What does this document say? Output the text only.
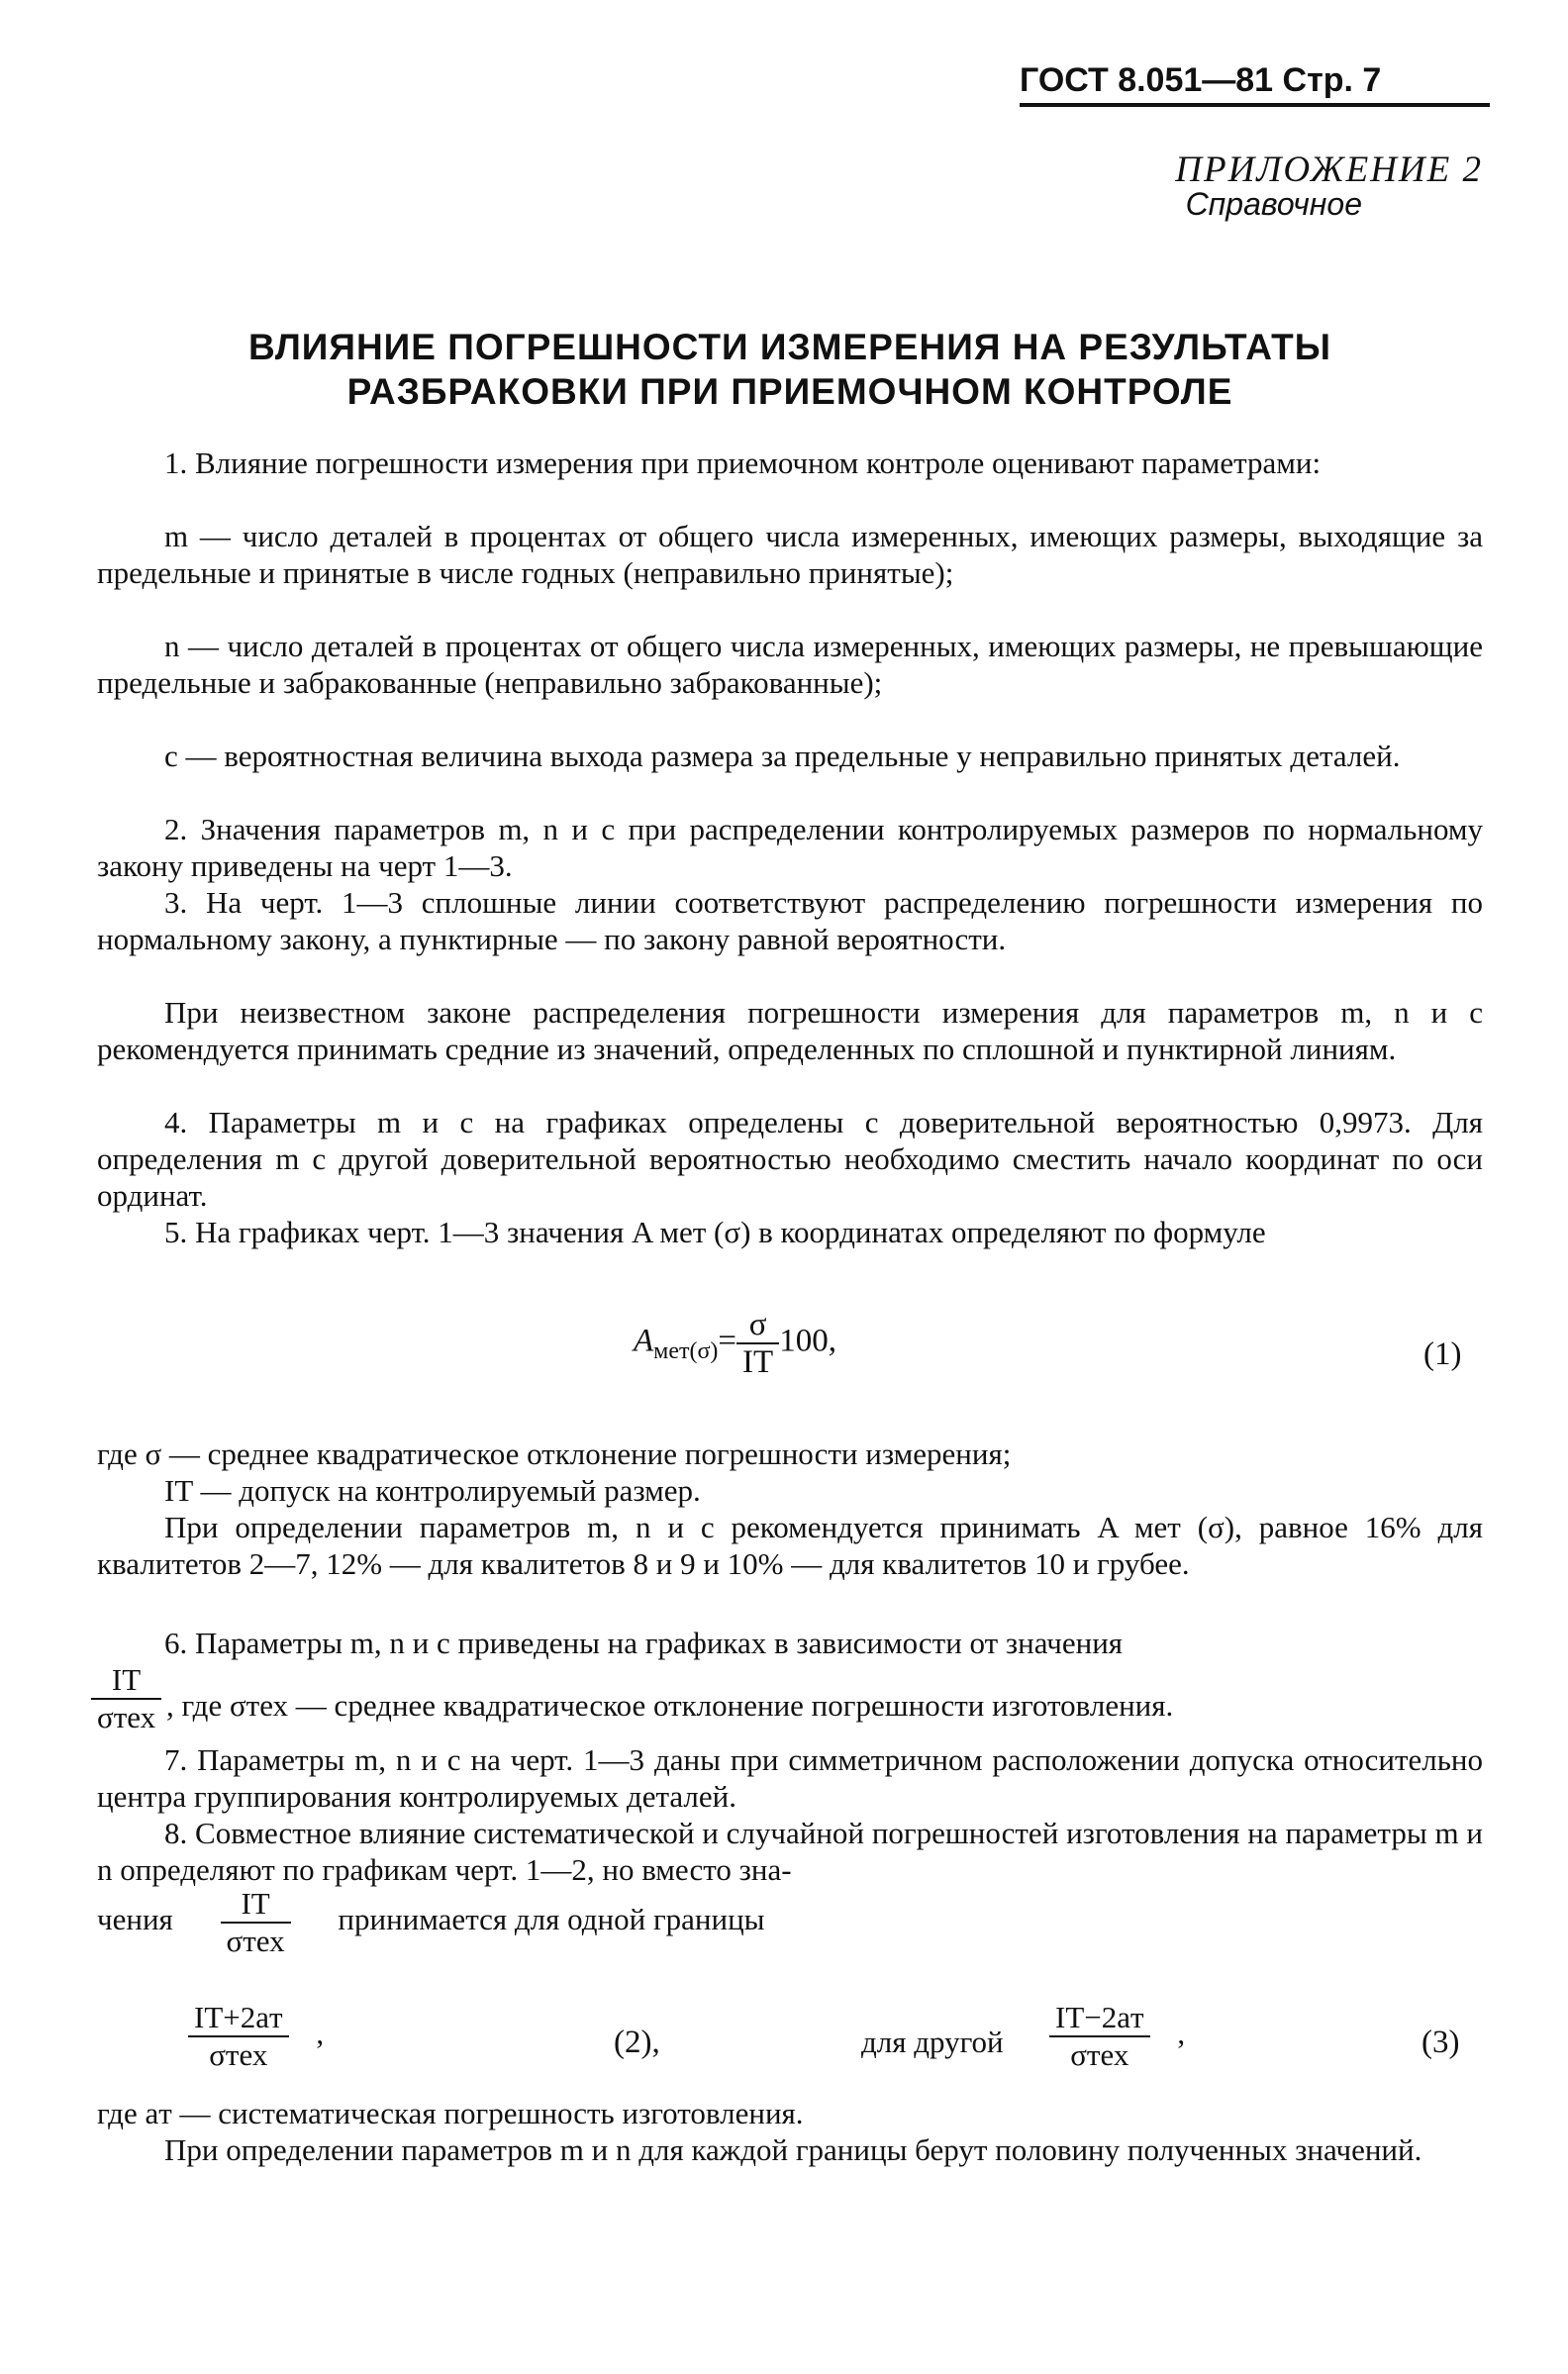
ГОСТ 8.051—81 Стр. 7
ПРИЛОЖЕНИЕ 2
Справочное
ВЛИЯНИЕ ПОГРЕШНОСТИ ИЗМЕРЕНИЯ НА РЕЗУЛЬТАТЫ
РАЗБРАКОВКИ ПРИ ПРИЕМОЧНОМ КОНТРОЛЕ
1. Влияние погрешности измерения при приемочном контроле оценивают параметрами:
m — число деталей в процентах от общего числа измеренных, имеющих размеры, выходящие за предельные и принятые в числе годных (неправильно принятые);
n — число деталей в процентах от общего числа измеренных, имеющих размеры, не превышающие предельные и забракованные (неправильно забракованные);
c — вероятностная величина выхода размера за предельные у неправильно принятых деталей.
2. Значения параметров m, n и c при распределении контролируемых размеров по нормальному закону приведены на черт 1—3.
3. На черт. 1—3 сплошные линии соответствуют распределению погрешности измерения по нормальному закону, а пунктирные — по закону равной вероятности.
При неизвестном законе распределения погрешности измерения для параметров m, n и c рекомендуется принимать средние из значений, определенных по сплошной и пунктирной линиям.
4. Параметры m и c на графиках определены с доверительной вероятностью 0,9973. Для определения m с другой доверительной вероятностью необходимо сместить начало координат по оси ординат.
5. На графиках черт. 1—3 значения A мет (σ) в координатах определяют по формуле
$A_{мет(\sigma)}= \frac{\sigma}{IT} 100$,	(1)
где σ — среднее квадратическое отклонение погрешности измерения;
IT — допуск на контролируемый размер.
При определении параметров m, n и c рекомендуется принимать A мет (σ), равное 16% для квалитетов 2—7, 12% — для квалитетов 8 и 9 и 10% — для квалитетов 10 и грубее.
6. Параметры m, n и c приведены на графиках в зависимости от значения
$\frac{IT}{\text{σтех}}$ , где σтех — среднее квадратическое отклонение погрешности изготовления.
7. Параметры m, n и c на черт. 1—3 даны при симметричном расположении допуска относительно центра группирования контролируемых деталей.
8. Совместное влияние систематической и случайной погрешностей изготовления на параметры m и n определяют по графикам черт. 1—2, но вместо зна-
чения $\frac{IT}{\text{σтех}}$ принимается для одной границы
$\frac{IT+2aт}{\text{σтех}}$ ,	(2),	для другой $\frac{IT-2aт}{\text{σтех}}$ ,	(3)
где aт — систематическая погрешность изготовления.
При определении параметров m и n для каждой границы берут половину полученных значений.
